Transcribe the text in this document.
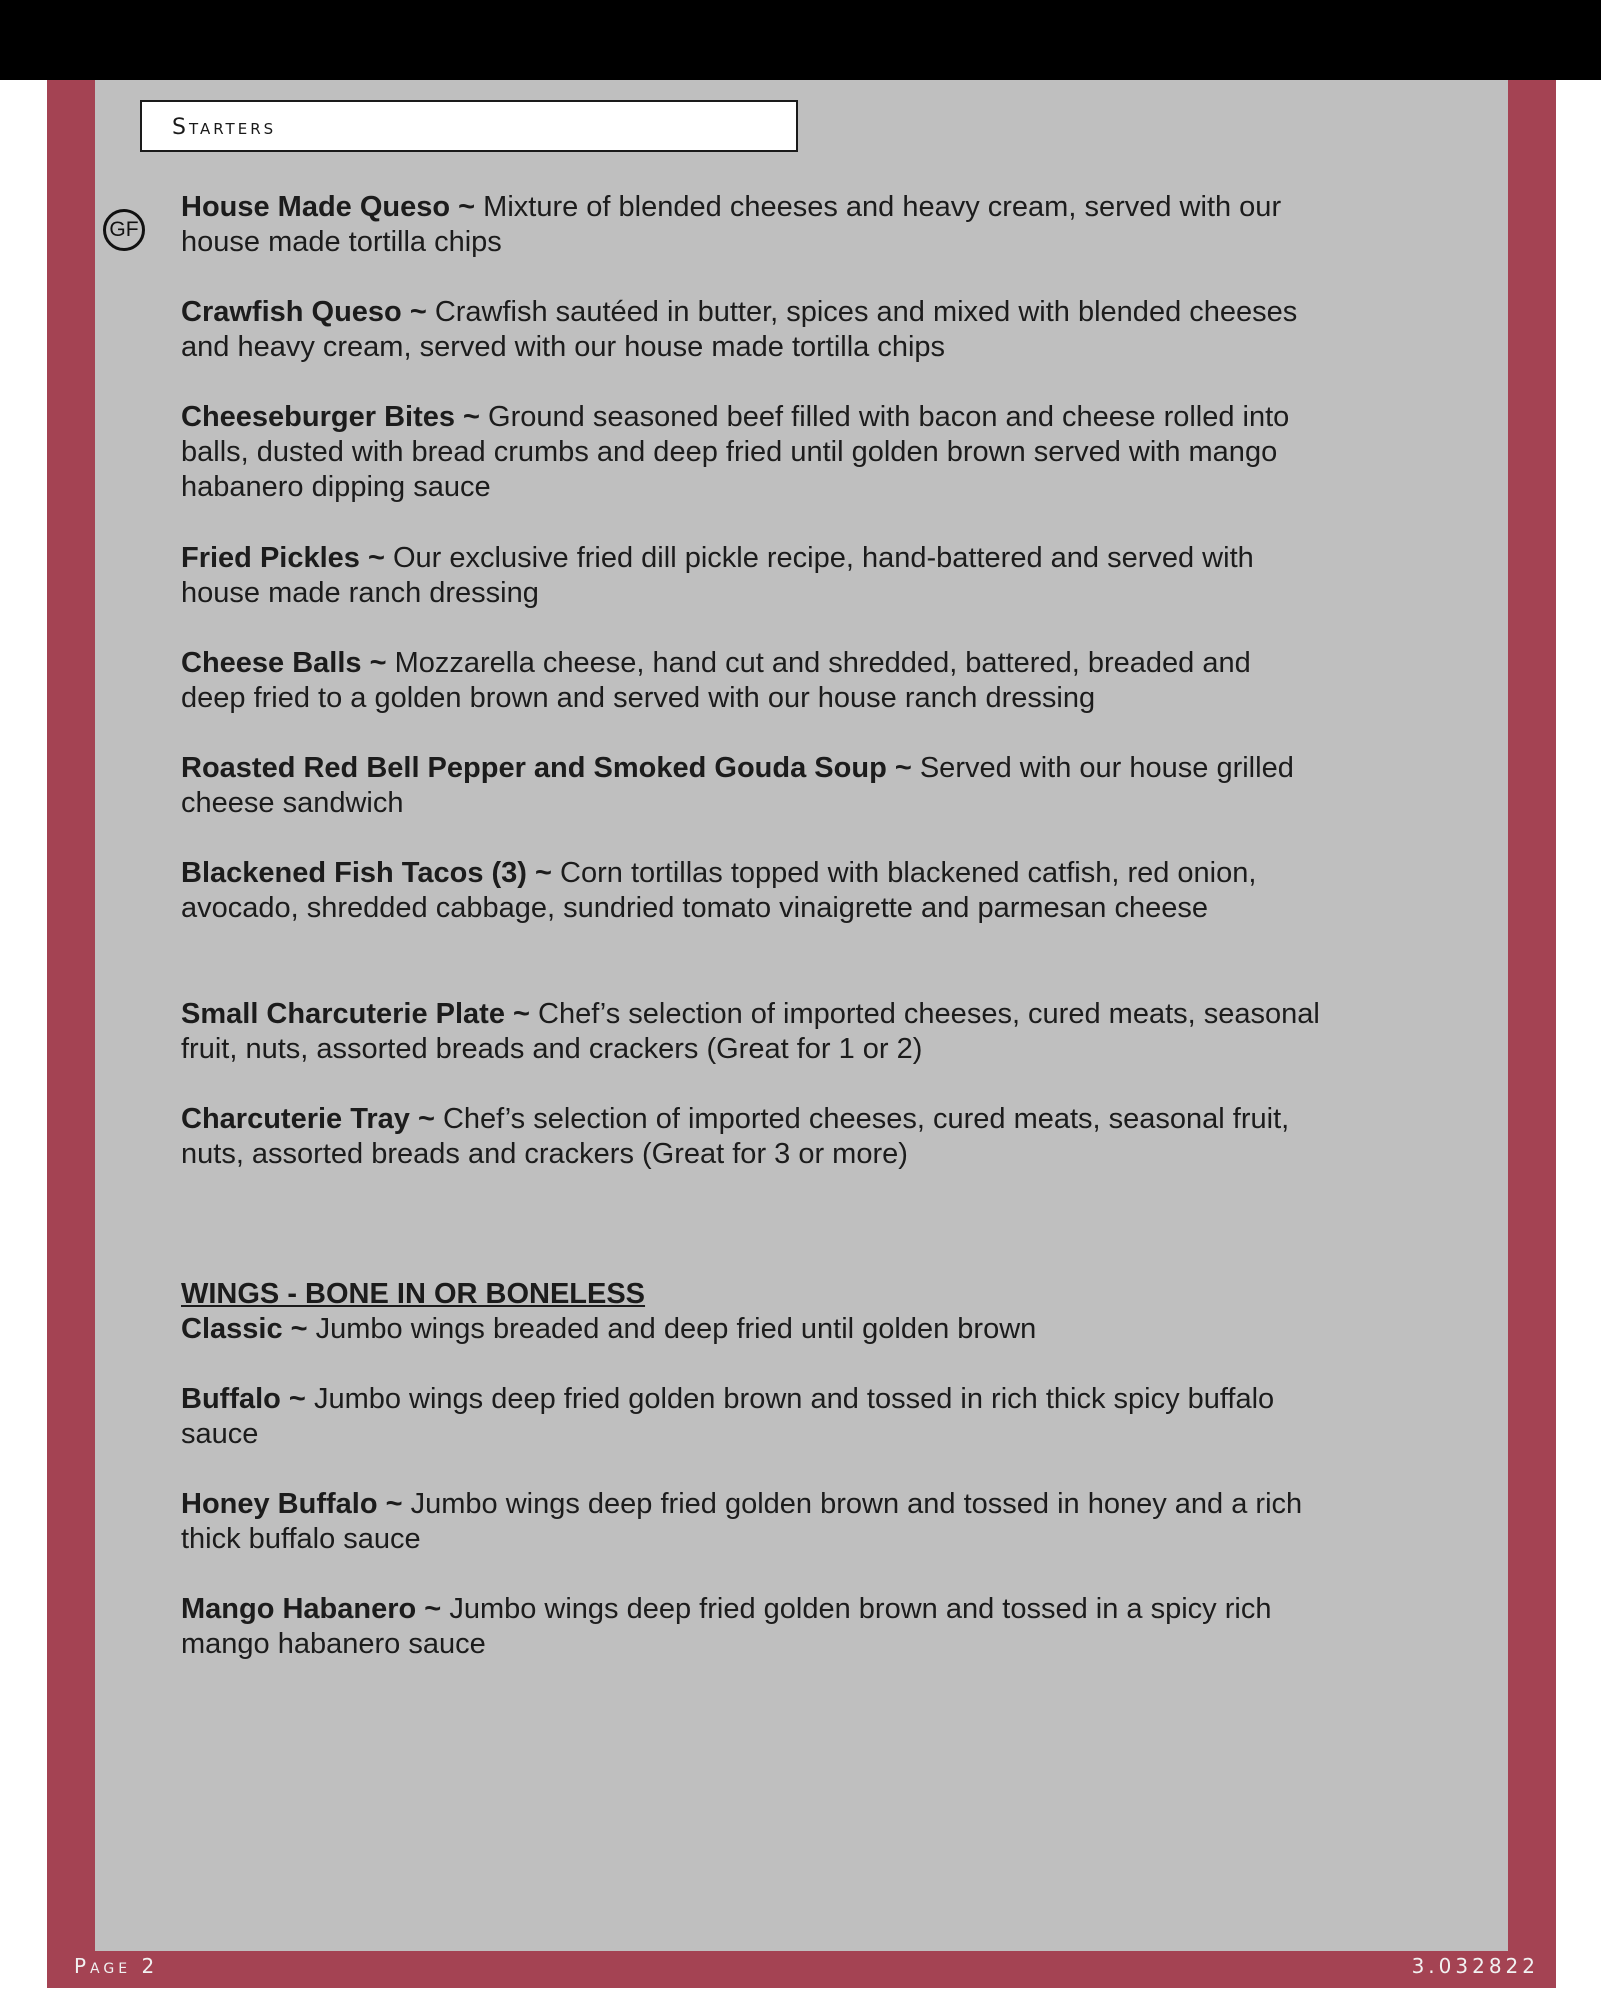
Starters
GF
House Made Queso ~ Mixture of blended cheeses and heavy cream, served with our house made tortilla chips
Crawfish Queso ~ Crawfish sautéed in butter, spices and mixed with blended cheeses and heavy cream, served with our house made tortilla chips
Cheeseburger Bites ~ Ground seasoned beef filled with bacon and cheese rolled into balls, dusted with bread crumbs and deep fried until golden brown served with mango habanero dipping sauce
Fried Pickles ~ Our exclusive fried dill pickle recipe, hand-battered and served with house made ranch dressing
Cheese Balls ~ Mozzarella cheese, hand cut and shredded, battered, breaded and deep fried to a golden brown and served with our house ranch dressing
Roasted Red Bell Pepper and Smoked Gouda Soup ~ Served with our house grilled cheese sandwich
Blackened Fish Tacos (3) ~ Corn tortillas topped with blackened catfish, red onion, avocado, shredded cabbage, sundried tomato vinaigrette and parmesan cheese
Small Charcuterie Plate ~ Chef’s selection of imported cheeses, cured meats, seasonal fruit, nuts, assorted breads and crackers (Great for 1 or 2)
Charcuterie Tray ~ Chef’s selection of imported cheeses, cured meats, seasonal fruit, nuts, assorted breads and crackers (Great for 3 or more)
WINGS - BONE IN OR BONELESS
Classic ~ Jumbo wings breaded and deep fried until golden brown
Buffalo ~ Jumbo wings deep fried golden brown and tossed in rich thick spicy buffalo sauce
Honey Buffalo ~ Jumbo wings deep fried golden brown and tossed in honey and a rich thick buffalo sauce
Mango Habanero ~ Jumbo wings deep fried golden brown and tossed in a spicy rich mango habanero sauce
Page 2	3.032822
